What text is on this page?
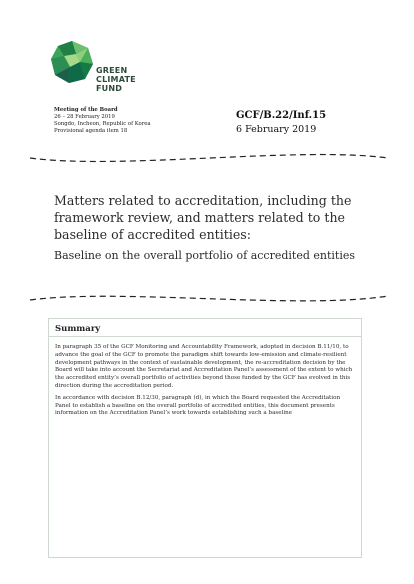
GREEN
CLIMATE
FUND
Meeting of the Board
26 – 28 February 2019
Songdo, Incheon, Republic of Korea
Provisional agenda item 18
GCF/B.22/Inf.15
6 February 2019
Matters related to accreditation, including the framework review, and matters related to the baseline of accredited entities:
Baseline on the overall portfolio of accredited entities
Summary

In paragraph 35 of the GCF Monitoring and Accountability Framework, adopted in decision B.11/10, to advance the goal of the GCF to promote the paradigm shift towards low-emission and climate-resilient development pathways in the context of sustainable development, the re-accreditation decision by the Board will take into account the Secretariat and Accreditation Panel’s assessment of the extent to which the accredited entity’s overall portfolio of activities beyond those funded by the GCF has evolved in this direction during the accreditation period.

In accordance with decision B.12/30, paragraph (d), in which the Board requested the Accreditation Panel to establish a baseline on the overall portfolio of accredited entities, this document presents information on the Accreditation Panel’s work towards establishing such a baseline
